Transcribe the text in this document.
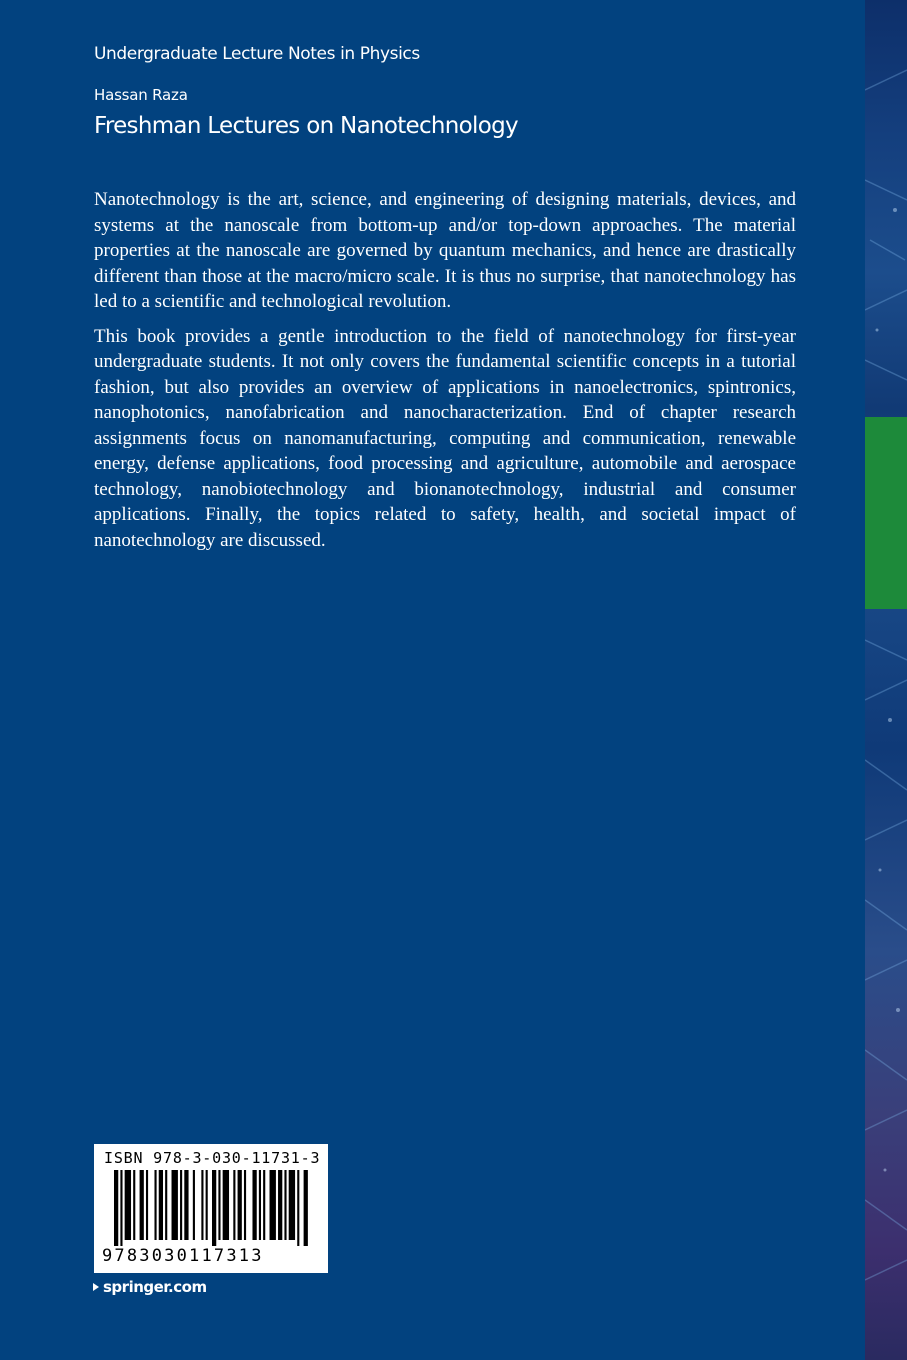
Undergraduate Lecture Notes in Physics
Hassan Raza
Freshman Lectures on Nanotechnology

Nanotechnology is the art, science, and engineering of designing materials, devices, and systems at the nanoscale from bottom-up and/or top-down approaches. The material properties at the nanoscale are governed by quantum mechanics, and hence are drastically different than those at the macro/micro scale. It is thus no surprise, that nanotechnology has led to a scientific and technological revolution.

This book provides a gentle introduction to the field of nanotechnology for first-year undergraduate students. It not only covers the fundamental scientific concepts in a tutorial fashion, but also provides an overview of applications in nanoelectronics, spintronics, nanophotonics, nanofabrication and nanocharacterization. End of chapter research assignments focus on nanomanufacturing, computing and communication, renewable energy, defense applications, food processing and agriculture, automobile and aerospace technology, nanobiotechnology and bionanotechnology, industrial and consumer applications. Finally, the topics related to safety, health, and societal impact of nanotechnology are discussed.

ISBN 978-3-030-11731-3
9783030117313
springer.com
